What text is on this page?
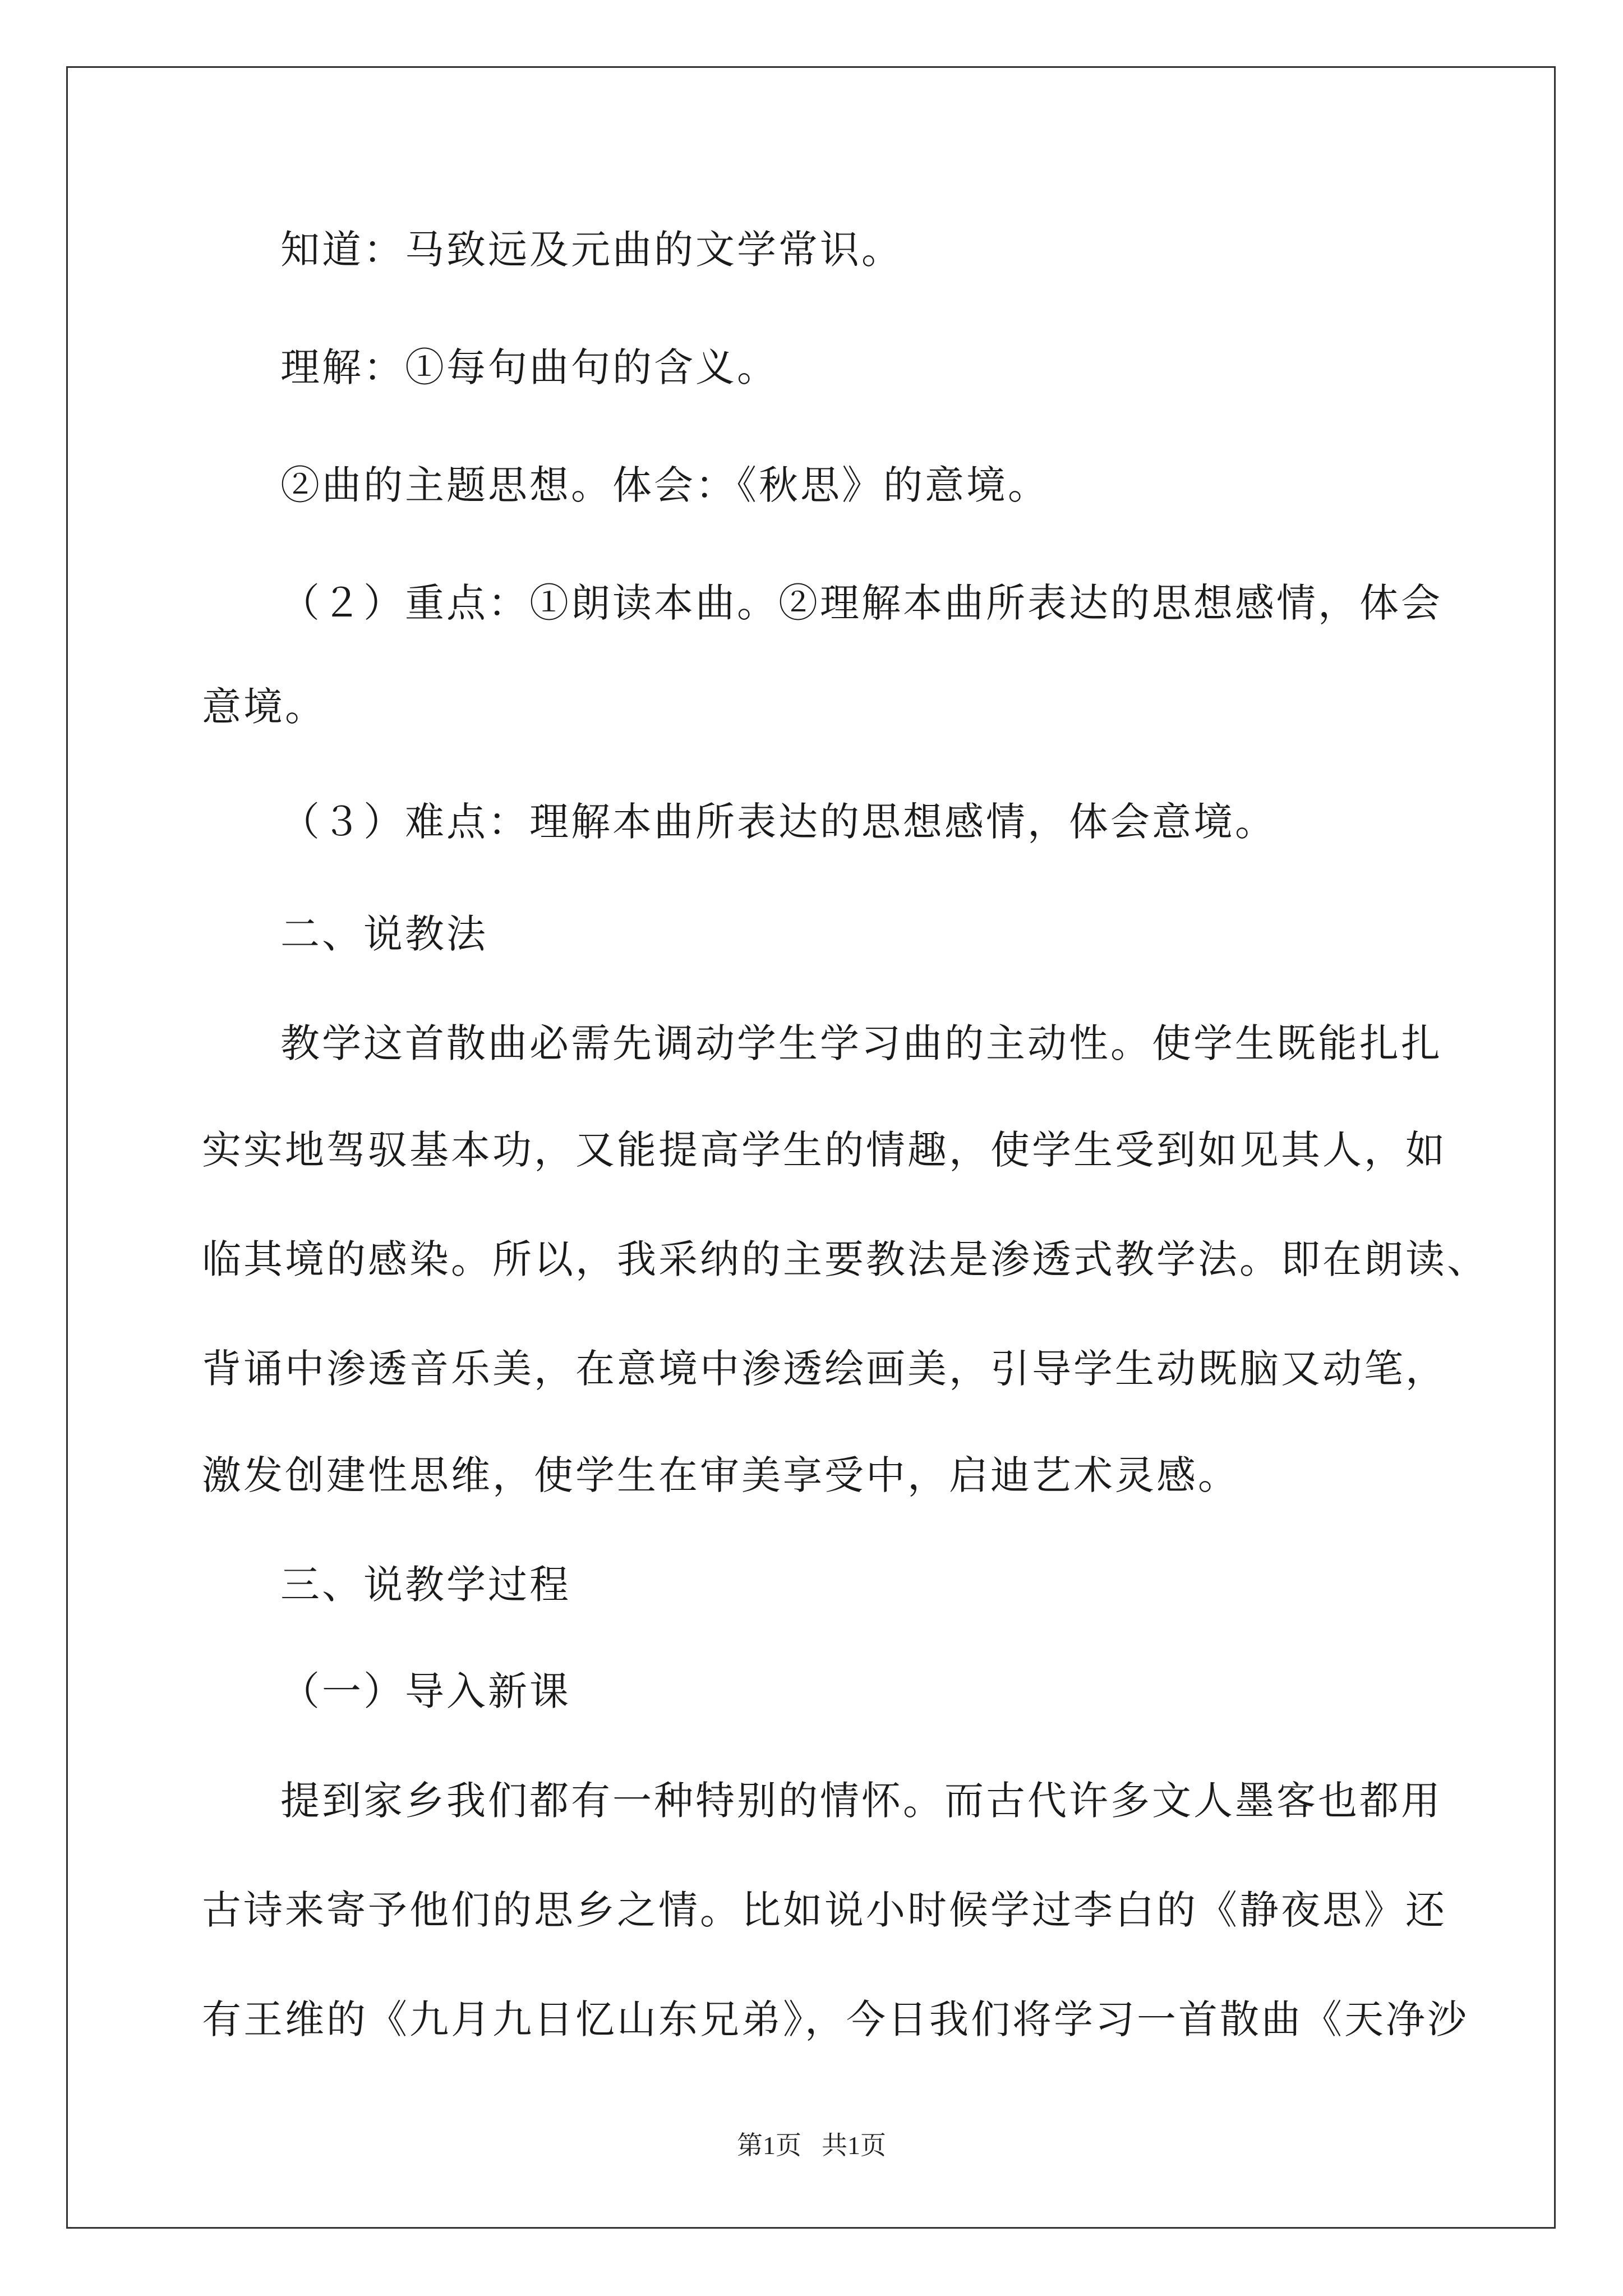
知道：马致远及元曲的文学常识。
理解：①每句曲句的含义。
②曲的主题思想。体会：《秋思》的意境。
（２）重点：①朗读本曲。②理解本曲所表达的思想感情，体会
意境。
（３）难点：理解本曲所表达的思想感情，体会意境。
二、说教法
教学这首散曲必需先调动学生学习曲的主动性。使学生既能扎扎
实实地驾驭基本功，又能提高学生的情趣，使学生受到如见其人，如
临其境的感染。所以，我采纳的主要教法是渗透式教学法。即在朗读、
背诵中渗透音乐美，在意境中渗透绘画美，引导学生动既脑又动笔，
激发创建性思维，使学生在审美享受中，启迪艺术灵感。
三、说教学过程
（一）导入新课
提到家乡我们都有一种特别的情怀。而古代许多文人墨客也都用
古诗来寄予他们的思乡之情。比如说小时候学过李白的《静夜思》还
有王维的《九月九日忆山东兄弟》，今日我们将学习一首散曲《天净沙
第1页 共1页
